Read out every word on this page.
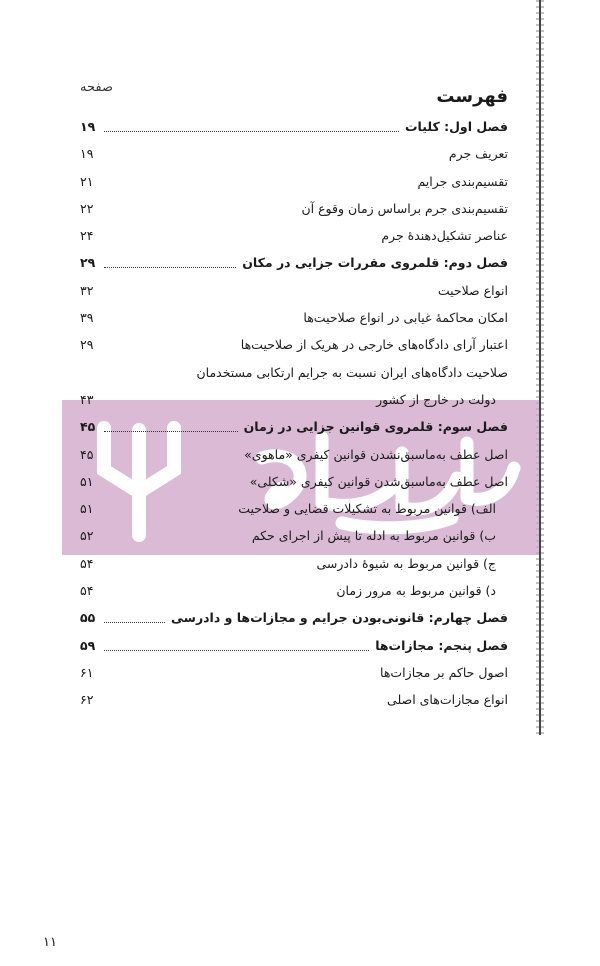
صفحه	فهرست
فصل اول: کلیات
۱۹
تعریف جرم
۱۹
تقسیم‌بندی جرایم
۲۱
تقسیم‌بندی جرم براساس زمان وقوع آن
۲۲
عناصر تشکیل‌دهندهٔ جرم
۲۴
فصل دوم: قلمروی مقررات جزایی در مکان
۲۹
انواع صلاحیت
۳۲
امکان محاکمهٔ غیابی در انواع صلاحیت‌ها
۳۹
اعتبار آرای دادگاه‌های خارجی در هریک از صلاحیت‌ها
۲۹
صلاحیت دادگاه‌های ایران نسبت به جرایم ارتکابی مستخدمان
دولت در خارج از کشور
۴۳
فصل سوم: قلمروی قوانین جزایی در زمان
۴۵
اصل عطف به‌ماسبق‌نشدن قوانین کیفری «ماهوی»
۴۵
اصل عطف به‌ماسبق‌شدن قوانین کیفری «شکلی»
۵۱
الف) قوانین مربوط به تشکیلات قضایی و صلاحیت
۵۱
ب) قوانین مربوط به ادله تا پیش از اجرای حکم
۵۲
ج) قوانین مربوط به شیوهٔ دادرسی
۵۴
د) قوانین مربوط به مرور زمان
۵۴
فصل چهارم: قانونی‌بودن جرایم و مجازات‌ها و دادرسی
۵۵
فصل پنجم: مجازات‌ها
۵۹
اصول حاکم بر مجازات‌ها
۶۱
انواع مجازات‌های اصلی
۶۲
۱۱
